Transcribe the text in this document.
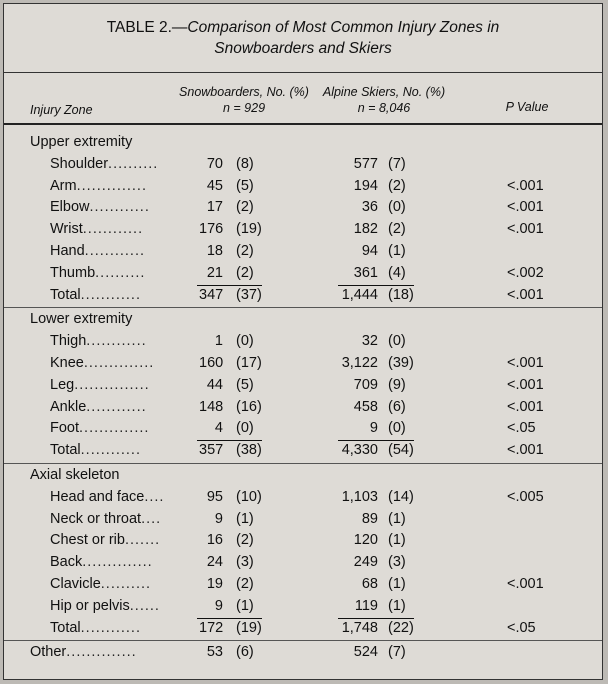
TABLE 2.—Comparison of Most Common Injury Zones in
Snowboarders and Skiers
Injury Zone
Snowboarders, No. (%)
n = 929
Alpine Skiers, No. (%)
n = 8,046	P Value
Upper extremity
Shoulder..........	70 (8)	577 (7)
Arm..............	45 (5)	194 (2)	<.001
Elbow............	17 (2)	36 (0)	<.001
Wrist............	176 (19)	182 (2)	<.001
Hand............	18 (2)	94 (1)
Thumb..........	21 (2)	361 (4)	<.002
Total............	347 (37)	1,444 (18)	<.001
Lower extremity
Thigh............	1 (0)	32 (0)
Knee..............	160 (17)	3,122 (39)	<.001
Leg...............	44 (5)	709 (9)	<.001
Ankle............	148 (16)	458 (6)	<.001
Foot..............	4 (0)	9 (0)	<.05
Total............	357 (38)	4,330 (54)	<.001
Axial skeleton
Head and face....	95 (10)	1,103 (14)	<.005
Neck or throat....	9 (1)	89 (1)
Chest or rib.......	16 (2)	120 (1)
Back..............	24 (3)	249 (3)
Clavicle..........	19 (2)	68 (1)	<.001
Hip or pelvis......	9 (1)	119 (1)
Total............	172 (19)	1,748 (22)	<.05
Other..............	53 (6)	524 (7)
